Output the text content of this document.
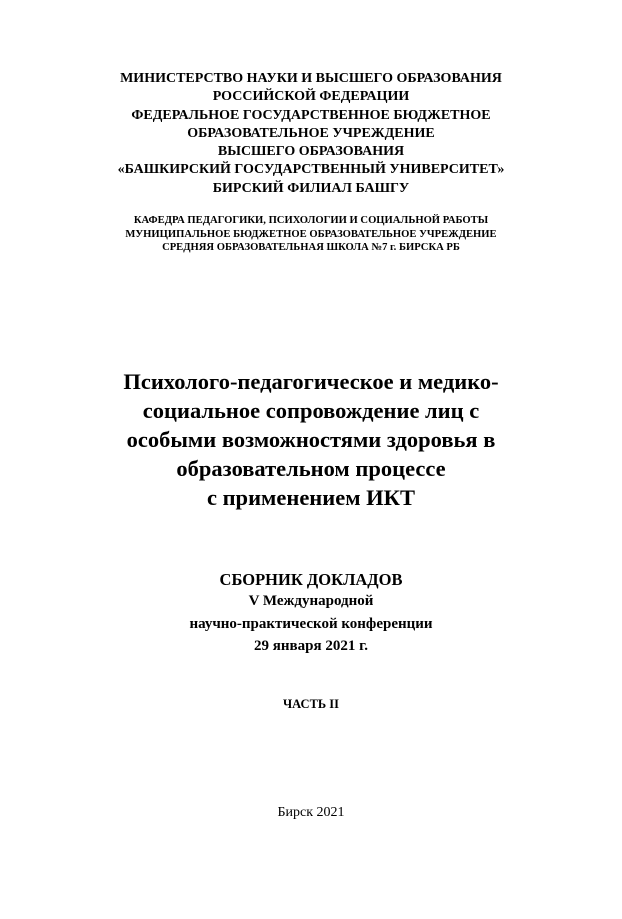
МИНИСТЕРСТВО НАУКИ И ВЫСШЕГО ОБРАЗОВАНИЯ
РОССИЙСКОЙ ФЕДЕРАЦИИ
ФЕДЕРАЛЬНОЕ ГОСУДАРСТВЕННОЕ БЮДЖЕТНОЕ
ОБРАЗОВАТЕЛЬНОЕ УЧРЕЖДЕНИЕ
ВЫСШЕГО ОБРАЗОВАНИЯ
«БАШКИРСКИЙ ГОСУДАРСТВЕННЫЙ УНИВЕРСИТЕТ»
БИРСКИЙ ФИЛИАЛ БАШГУ
КАФЕДРА ПЕДАГОГИКИ, ПСИХОЛОГИИ И СОЦИАЛЬНОЙ РАБОТЫ
МУНИЦИПАЛЬНОЕ БЮДЖЕТНОЕ ОБРАЗОВАТЕЛЬНОЕ УЧРЕЖДЕНИЕ
СРЕДНЯЯ ОБРАЗОВАТЕЛЬНАЯ ШКОЛА №7 г. БИРСКА РБ
Психолого-педагогическое и медико-
социальное сопровождение лиц с
особыми возможностями здоровья в
образовательном процессе
с применением ИКТ
СБОРНИК ДОКЛАДОВ
V Международной
научно-практической конференции
29 января 2021 г.
ЧАСТЬ II
Бирск 2021
